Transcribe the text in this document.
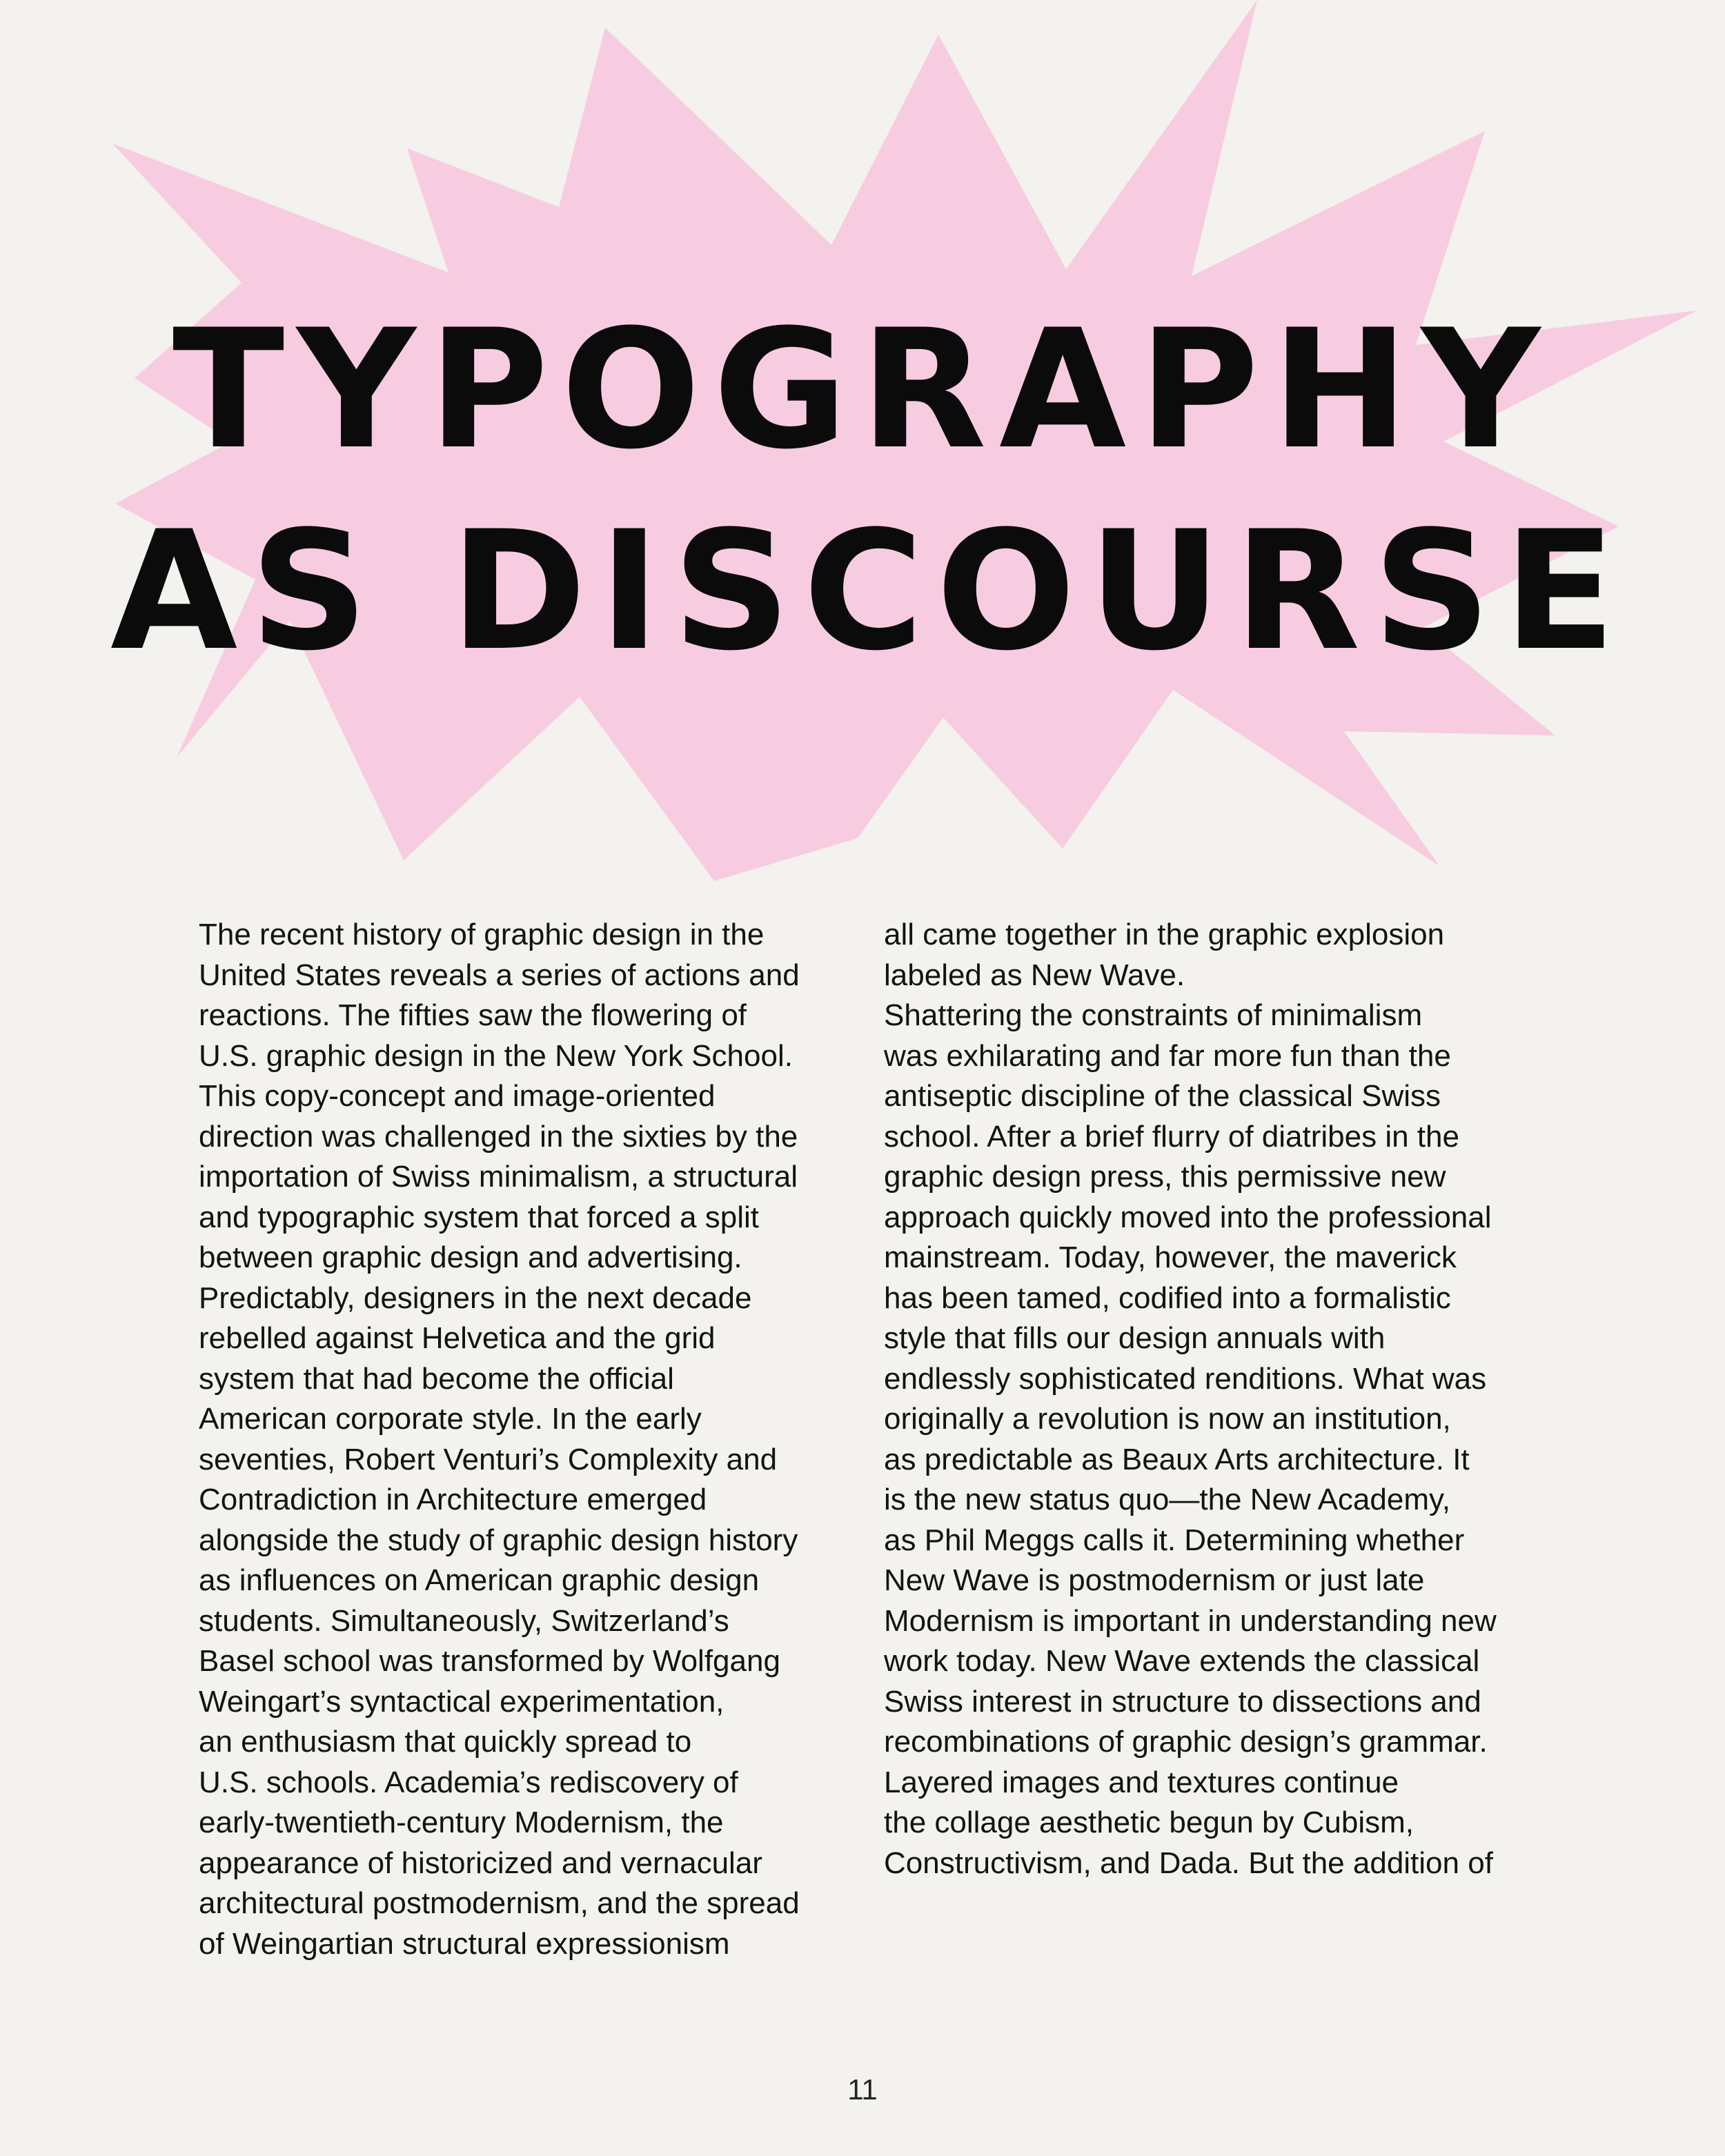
TYPOGRAPHY
AS DISCOURSE
The recent history of graphic design in the
United States reveals a series of actions and
reactions. The fifties saw the flowering of
U.S. graphic design in the New York School.
This copy-concept and image-oriented
direction was challenged in the sixties by the
importation of Swiss minimalism, a structural
and typographic system that forced a split
between graphic design and advertising.
Predictably, designers in the next decade
rebelled against Helvetica and the grid
system that had become the official
American corporate style. In the early
seventies, Robert Venturi’s Complexity and
Contradiction in Architecture emerged
alongside the study of graphic design history
as influences on American graphic design
students. Simultaneously, Switzerland’s
Basel school was transformed by Wolfgang
Weingart’s syntactical experimentation,
an enthusiasm that quickly spread to
U.S. schools. Academia’s rediscovery of
early-twentieth-century Modernism, the
appearance of historicized and vernacular
architectural postmodernism, and the spread
of Weingartian structural expressionism
all came together in the graphic explosion
labeled as New Wave.
Shattering the constraints of minimalism
was exhilarating and far more fun than the
antiseptic discipline of the classical Swiss
school. After a brief flurry of diatribes in the
graphic design press, this permissive new
approach quickly moved into the professional
mainstream. Today, however, the maverick
has been tamed, codified into a formalistic
style that fills our design annuals with
endlessly sophisticated renditions. What was
originally a revolution is now an institution,
as predictable as Beaux Arts architecture. It
is the new status quo—the New Academy,
as Phil Meggs calls it. Determining whether
New Wave is postmodernism or just late
Modernism is important in understanding new
work today. New Wave extends the classical
Swiss interest in structure to dissections and
recombinations of graphic design’s grammar.
Layered images and textures continue
the collage aesthetic begun by Cubism,
Constructivism, and Dada. But the addition of
11
